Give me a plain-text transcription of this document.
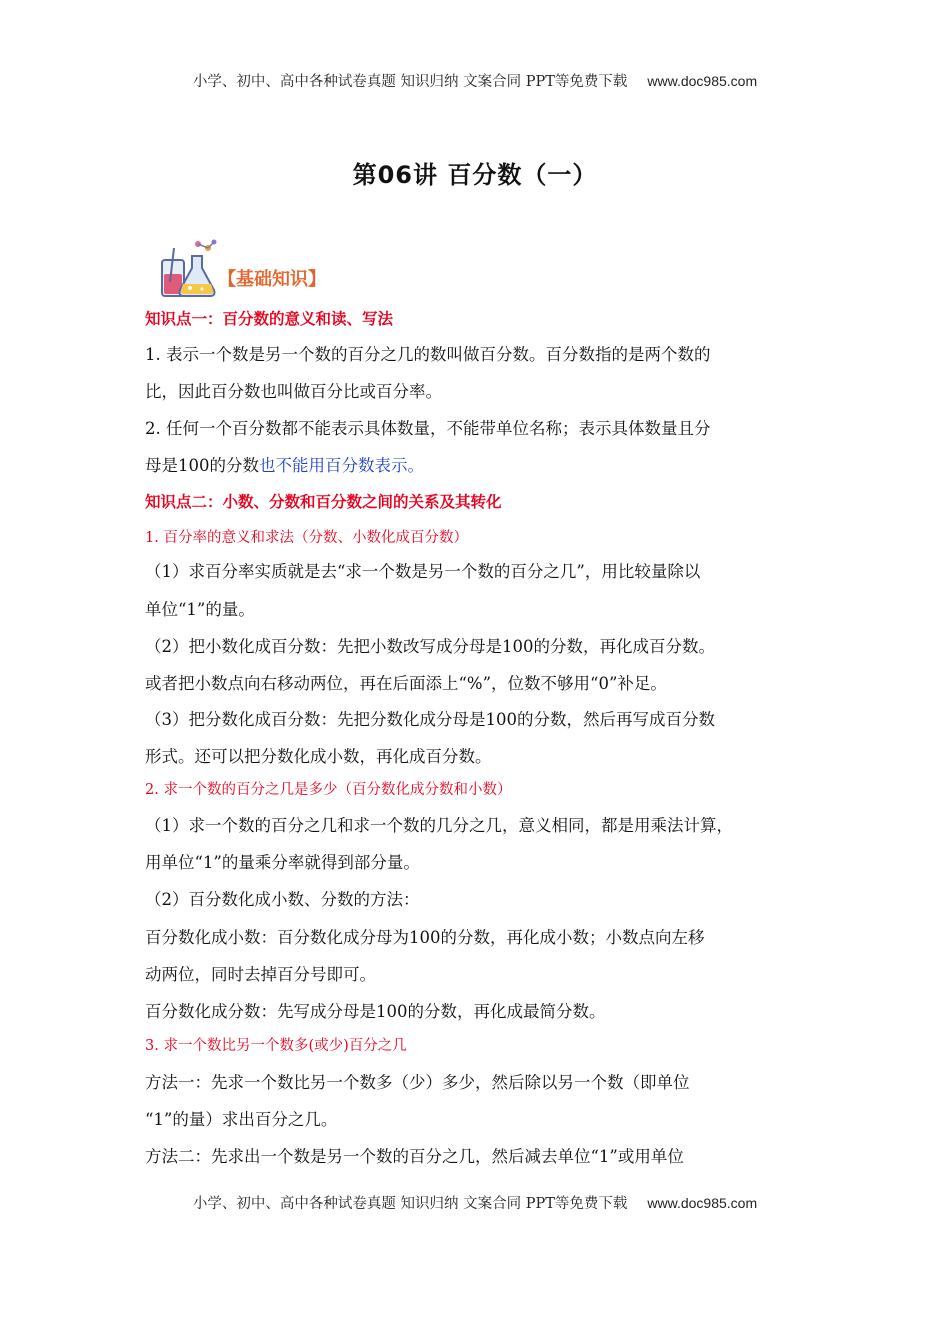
小学、初中、高中各种试卷真题 知识归纳 文案合同 PPT等免费下载 www.doc985.com
第06讲 百分数（一）
【基础知识】
知识点一：百分数的意义和读、写法
1. 表示一个数是另一个数的百分之几的数叫做百分数。百分数指的是两个数的
比，因此百分数也叫做百分比或百分率。
2. 任何一个百分数都不能表示具体数量，不能带单位名称；表示具体数量且分
母是100的分数也不能用百分数表示。
知识点二：小数、分数和百分数之间的关系及其转化
1. 百分率的意义和求法（分数、小数化成百分数）
（1）求百分率实质就是去“求一个数是另一个数的百分之几”，用比较量除以
单位“1”的量。
（2）把小数化成百分数：先把小数改写成分母是100的分数，再化成百分数。
或者把小数点向右移动两位，再在后面添上“%”，位数不够用“0”补足。
（3）把分数化成百分数：先把分数化成分母是100的分数，然后再写成百分数
形式。还可以把分数化成小数，再化成百分数。
2. 求一个数的百分之几是多少（百分数化成分数和小数）
（1）求一个数的百分之几和求一个数的几分之几，意义相同，都是用乘法计算，
用单位“1”的量乘分率就得到部分量。
（2）百分数化成小数、分数的方法：
百分数化成小数：百分数化成分母为100的分数，再化成小数；小数点向左移
动两位，同时去掉百分号即可。
百分数化成分数：先写成分母是100的分数，再化成最简分数。
3. 求一个数比另一个数多(或少)百分之几
方法一：先求一个数比另一个数多（少）多少，然后除以另一个数（即单位
“1”的量）求出百分之几。
方法二：先求出一个数是另一个数的百分之几，然后减去单位“1”或用单位
小学、初中、高中各种试卷真题 知识归纳 文案合同 PPT等免费下载 www.doc985.com
